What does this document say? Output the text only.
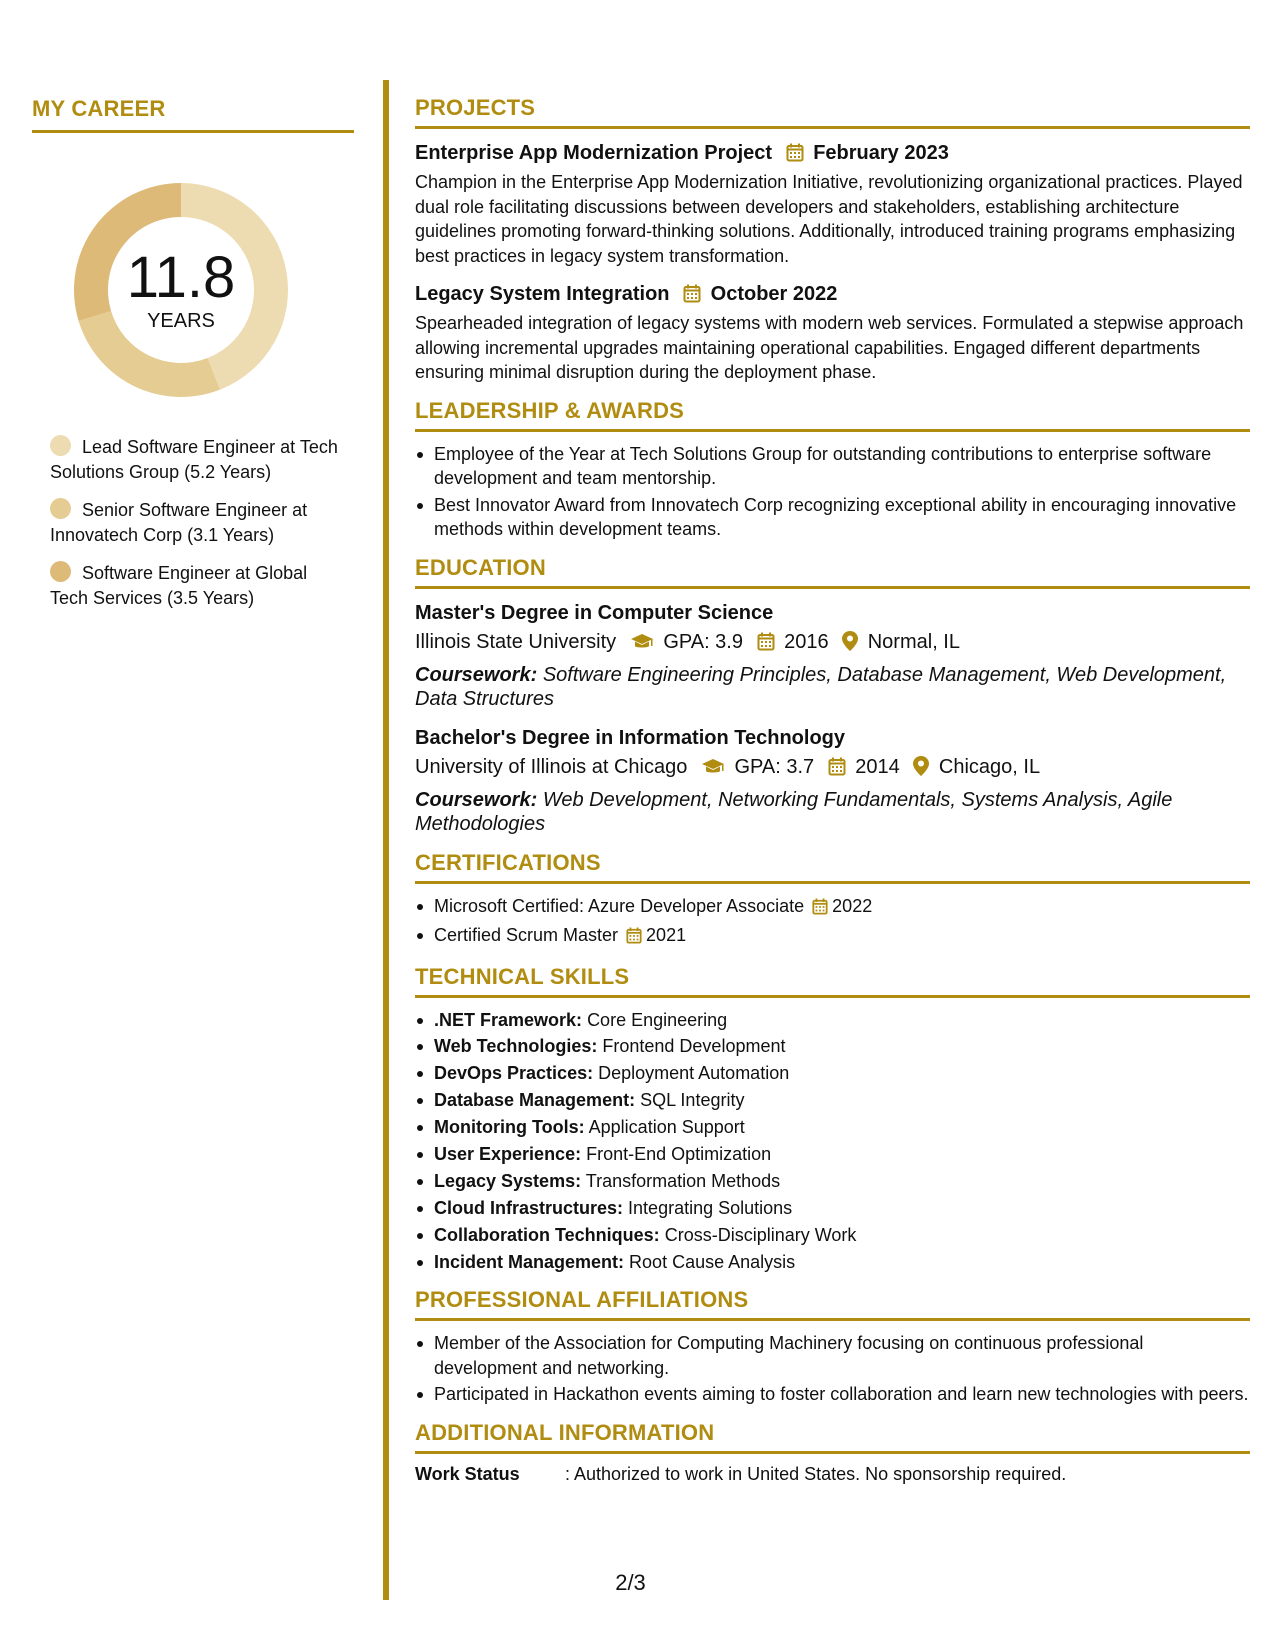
MY CAREER
11.8
YEARS
Lead Software Engineer at Tech Solutions Group (5.2 Years)
Senior Software Engineer at Innovatech Corp (3.1 Years)
Software Engineer at Global Tech Services (3.5 Years)
PROJECTS
Enterprise App Modernization Project February 2023
Champion in the Enterprise App Modernization Initiative, revolutionizing organizational practices. Played dual role facilitating discussions between developers and stakeholders, establishing architecture guidelines promoting forward-thinking solutions. Additionally, introduced training programs emphasizing best practices in legacy system transformation.
Legacy System Integration October 2022
Spearheaded integration of legacy systems with modern web services. Formulated a stepwise approach allowing incremental upgrades maintaining operational capabilities. Engaged different departments ensuring minimal disruption during the deployment phase.
LEADERSHIP & AWARDS
Employee of the Year at Tech Solutions Group for outstanding contributions to enterprise software development and team mentorship.
Best Innovator Award from Innovatech Corp recognizing exceptional ability in encouraging innovative methods within development teams.
EDUCATION
Master's Degree in Computer Science
Illinois State University GPA: 3.9 2016 Normal, IL
Coursework: Software Engineering Principles, Database Management, Web Development, Data Structures
Bachelor's Degree in Information Technology
University of Illinois at Chicago GPA: 3.7 2014 Chicago, IL
Coursework: Web Development, Networking Fundamentals, Systems Analysis, Agile Methodologies
CERTIFICATIONS
Microsoft Certified: Azure Developer Associate 2022
Certified Scrum Master 2021
TECHNICAL SKILLS
.NET Framework: Core Engineering
Web Technologies: Frontend Development
DevOps Practices: Deployment Automation
Database Management: SQL Integrity
Monitoring Tools: Application Support
User Experience: Front-End Optimization
Legacy Systems: Transformation Methods
Cloud Infrastructures: Integrating Solutions
Collaboration Techniques: Cross-Disciplinary Work
Incident Management: Root Cause Analysis
PROFESSIONAL AFFILIATIONS
Member of the Association for Computing Machinery focusing on continuous professional development and networking.
Participated in Hackathon events aiming to foster collaboration and learn new technologies with peers.
ADDITIONAL INFORMATION
Work Status	: Authorized to work in United States. No sponsorship required.
2/3
